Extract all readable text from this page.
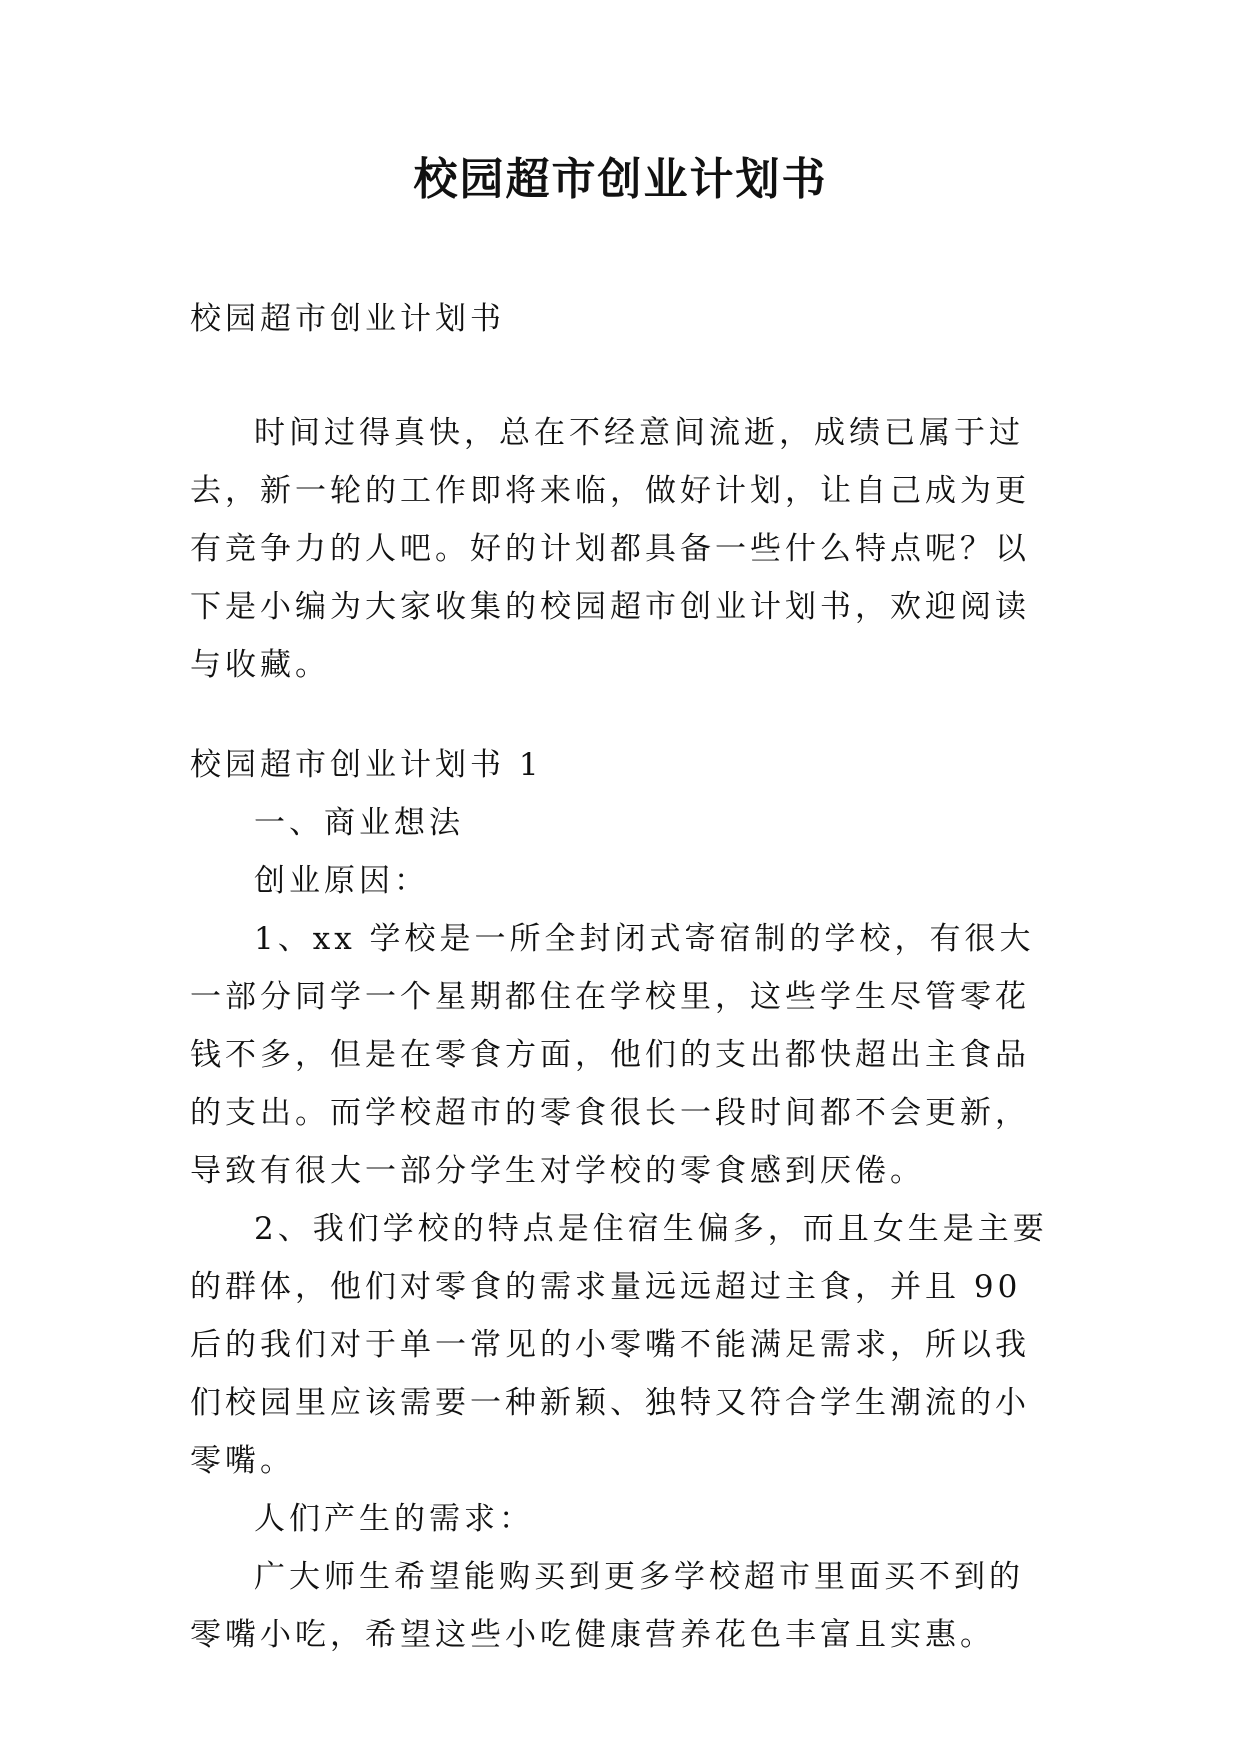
校园超市创业计划书

校园超市创业计划书

时间过得真快，总在不经意间流逝，成绩已属于过去，新一轮的工作即将来临，做好计划，让自己成为更有竞争力的人吧。好的计划都具备一些什么特点呢？以下是小编为大家收集的校园超市创业计划书，欢迎阅读与收藏。

校园超市创业计划书 1

一、商业想法

创业原因：

1、xx 学校是一所全封闭式寄宿制的学校，有很大一部分同学一个星期都住在学校里，这些学生尽管零花钱不多，但是在零食方面，他们的支出都快超出主食品的支出。而学校超市的零食很长一段时间都不会更新，导致有很大一部分学生对学校的零食感到厌倦。

2、我们学校的特点是住宿生偏多，而且女生是主要的群体，他们对零食的需求量远远超过主食，并且 90 后的我们对于单一常见的小零嘴不能满足需求，所以我们校园里应该需要一种新颖、独特又符合学生潮流的小零嘴。

人们产生的需求：

广大师生希望能购买到更多学校超市里面买不到的零嘴小吃，希望这些小吃健康营养花色丰富且实惠。
